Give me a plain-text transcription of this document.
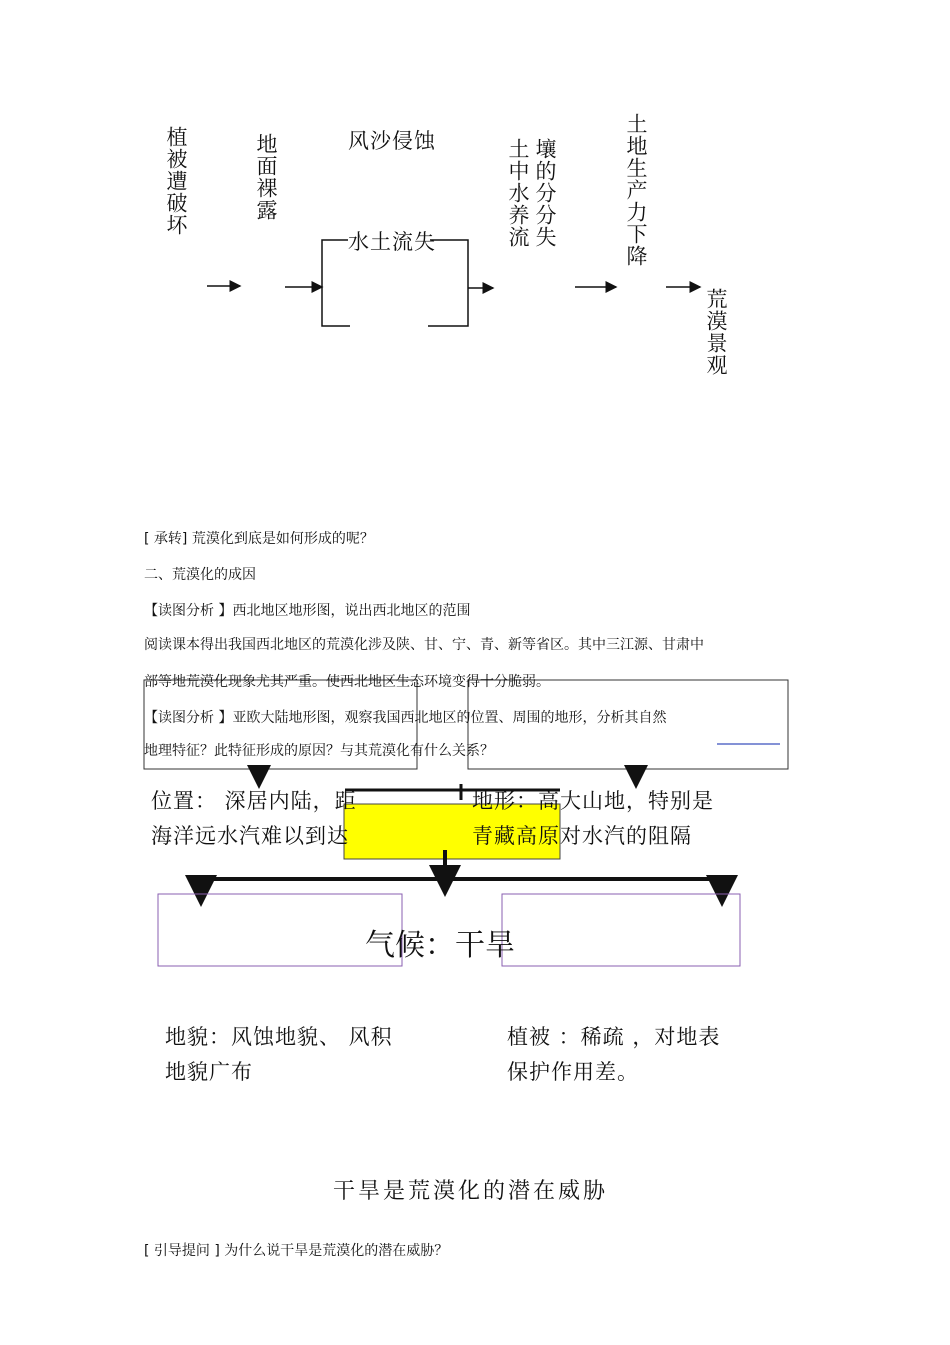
植被遭破坏	地面裸露	风沙侵蚀
水土流失	土中水养流 壤的分分失	土地生产力下降
荒漠景观
[ 承转] 荒漠化到底是如何形成的呢？
二、荒漠化的成因
【读图分析 】西北地区地形图，说出西北地区的范围
阅读课本得出我国西北地区的荒漠化涉及陕、甘、宁、青、新等省区。其中三江源、甘肃中
部等地荒漠化现象尤其严重。使西北地区生态环境变得十分脆弱。
【读图分析 】亚欧大陆地形图，观察我国西北地区的位置、周围的地形，分析其自然
地理特征？此特征形成的原因？与其荒漠化有什么关系？
位置： 深居内陆，距
海洋远水汽难以到达
地形：高大山地，特别是
青藏高原对水汽的阻隔
气候：干旱
地貌：风蚀地貌、 风积
地貌广布
植被 ：稀疏 ，对地表
保护作用差。
干旱是荒漠化的潜在威胁
[ 引导提问 ] 为什么说干旱是荒漠化的潜在威胁？
